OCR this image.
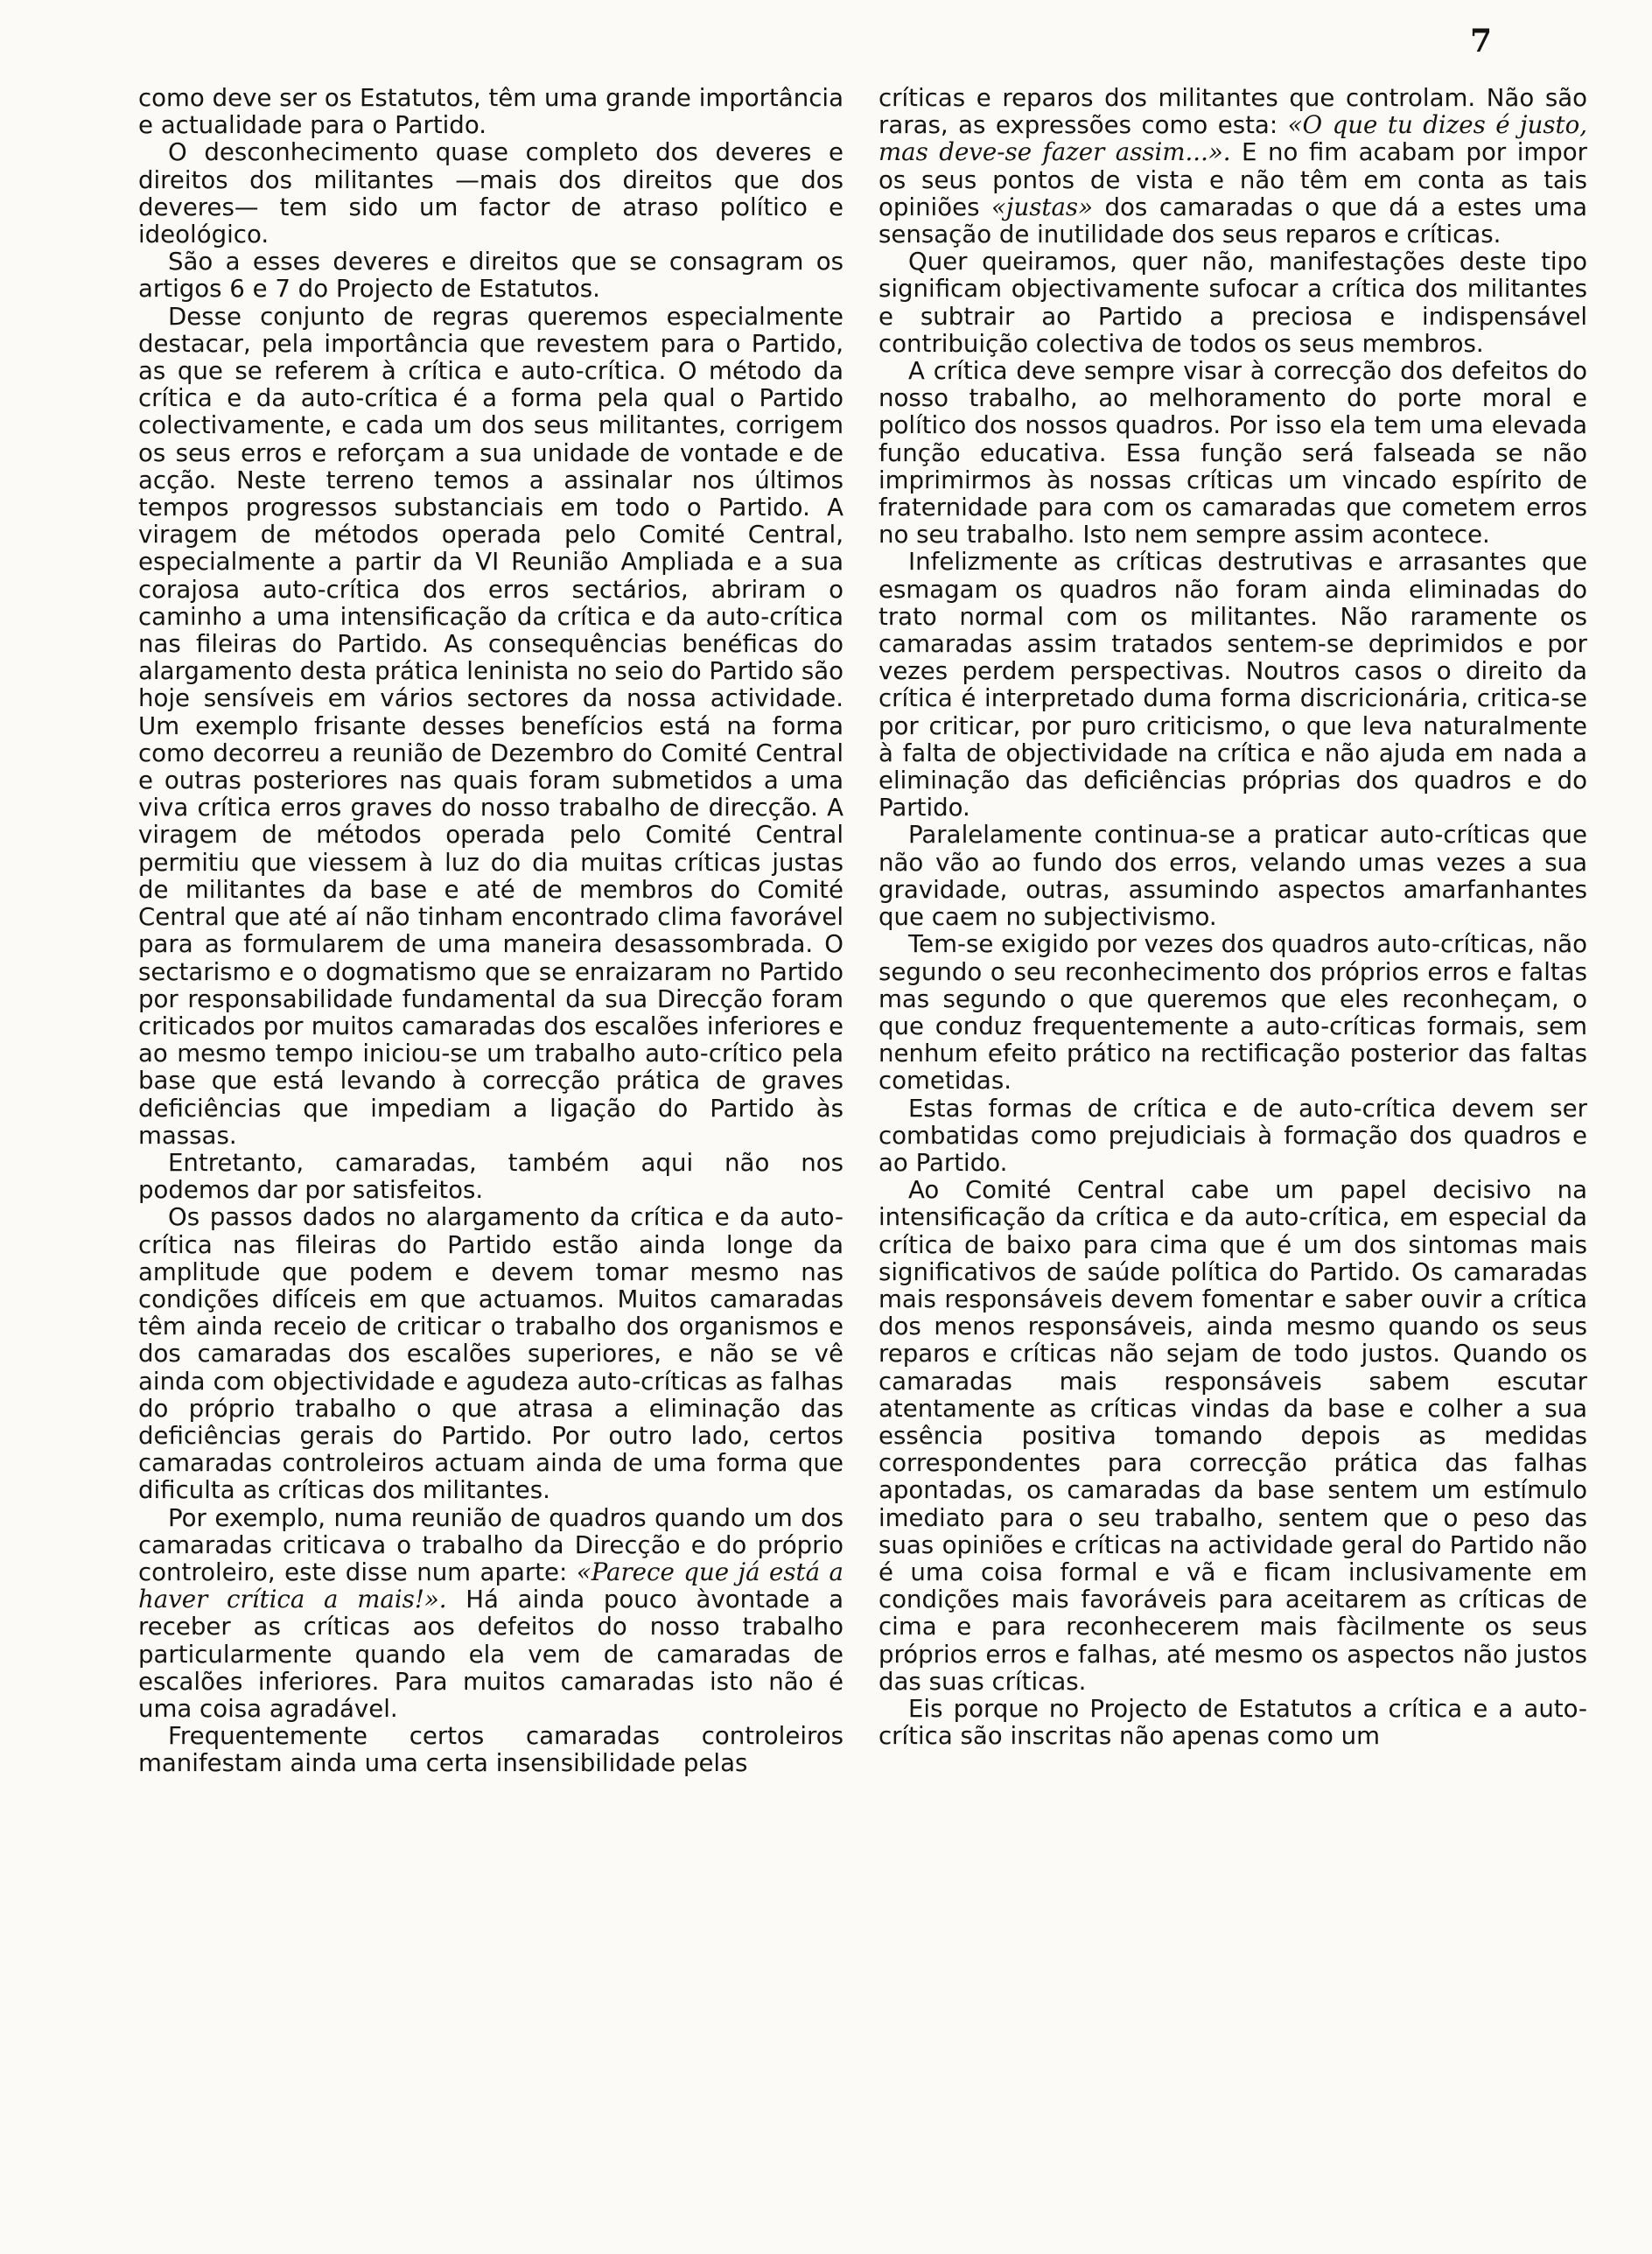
7

como deve ser os Estatutos, têm uma grande importância e actualidade para o Partido.

O desconhecimento quase completo dos deveres e direitos dos militantes —mais dos direitos que dos deveres— tem sido um factor de atraso político e ideológico.

São a esses deveres e direitos que se consagram os artigos 6 e 7 do Projecto de Estatutos.

Desse conjunto de regras queremos especialmente destacar, pela importância que revestem para o Partido, as que se referem à crítica e auto-crítica. O método da crítica e da auto-crítica é a forma pela qual o Partido colectivamente, e cada um dos seus militantes, corrigem os seus erros e reforçam a sua unidade de vontade e de acção. Neste terreno temos a assinalar nos últimos tempos progressos substanciais em todo o Partido. A viragem de métodos operada pelo Comité Central, especialmente a partir da VI Reunião Ampliada e a sua corajosa auto-crítica dos erros sectários, abriram o caminho a uma intensificação da crítica e da auto-crítica nas fileiras do Partido. As consequências benéficas do alargamento desta prática leninista no seio do Partido são hoje sensíveis em vários sectores da nossa actividade. Um exemplo frisante desses benefícios está na forma como decorreu a reunião de Dezembro do Comité Central e outras posteriores nas quais foram submetidos a uma viva crítica erros graves do nosso trabalho de direcção. A viragem de métodos operada pelo Comité Central permitiu que viessem à luz do dia muitas críticas justas de militantes da base e até de membros do Comité Central que até aí não tinham encontrado clima favorável para as formularem de uma maneira desassombrada. O sectarismo e o dogmatismo que se enraizaram no Partido por responsabilidade fundamental da sua Direcção foram criticados por muitos camaradas dos escalões inferiores e ao mesmo tempo iniciou-se um trabalho auto-crítico pela base que está levando à correcção prática de graves deficiências que impediam a ligação do Partido às massas.

Entretanto, camaradas, também aqui não nos podemos dar por satisfeitos.

Os passos dados no alargamento da crítica e da auto-crítica nas fileiras do Partido estão ainda longe da amplitude que podem e devem tomar mesmo nas condições difíceis em que actuamos. Muitos camaradas têm ainda receio de criticar o trabalho dos organismos e dos camaradas dos escalões superiores, e não se vê ainda com objectividade e agudeza auto-críticas as falhas do próprio trabalho o que atrasa a eliminação das deficiências gerais do Partido. Por outro lado, certos camaradas controleiros actuam ainda de uma forma que dificulta as críticas dos militantes.

Por exemplo, numa reunião de quadros quando um dos camaradas criticava o trabalho da Direcção e do próprio controleiro, este disse num aparte: «Parece que já está a haver crítica a mais!». Há ainda pouco àvontade a receber as críticas aos defeitos do nosso trabalho particularmente quando ela vem de camaradas de escalões inferiores. Para muitos camaradas isto não é uma coisa agradável.

Frequentemente certos camaradas controleiros manifestam ainda uma certa insensibilidade pelas

críticas e reparos dos militantes que controlam. Não são raras, as expressões como esta: «O que tu dizes é justo, mas deve-se fazer assim...». E no fim acabam por impor os seus pontos de vista e não têm em conta as tais opiniões «justas» dos camaradas o que dá a estes uma sensação de inutilidade dos seus reparos e críticas.

Quer queiramos, quer não, manifestações deste tipo significam objectivamente sufocar a crítica dos militantes e subtrair ao Partido a preciosa e indispensável contribuição colectiva de todos os seus membros.

A crítica deve sempre visar à correcção dos defeitos do nosso trabalho, ao melhoramento do porte moral e político dos nossos quadros. Por isso ela tem uma elevada função educativa. Essa função será falseada se não imprimirmos às nossas críticas um vincado espírito de fraternidade para com os camaradas que cometem erros no seu trabalho. Isto nem sempre assim acontece.

Infelizmente as críticas destrutivas e arrasantes que esmagam os quadros não foram ainda eliminadas do trato normal com os militantes. Não raramente os camaradas assim tratados sentem-se deprimidos e por vezes perdem perspectivas. Noutros casos o direito da crítica é interpretado duma forma discricionária, critica-se por criticar, por puro criticismo, o que leva naturalmente à falta de objectividade na crítica e não ajuda em nada a eliminação das deficiências próprias dos quadros e do Partido.

Paralelamente continua-se a praticar auto-críticas que não vão ao fundo dos erros, velando umas vezes a sua gravidade, outras, assumindo aspectos amarfanhantes que caem no subjectivismo.

Tem-se exigido por vezes dos quadros auto-críticas, não segundo o seu reconhecimento dos próprios erros e faltas mas segundo o que queremos que eles reconheçam, o que conduz frequentemente a auto-críticas formais, sem nenhum efeito prático na rectificação posterior das faltas cometidas.

Estas formas de crítica e de auto-crítica devem ser combatidas como prejudiciais à formação dos quadros e ao Partido.

Ao Comité Central cabe um papel decisivo na intensificação da crítica e da auto-crítica, em especial da crítica de baixo para cima que é um dos sintomas mais significativos de saúde política do Partido. Os camaradas mais responsáveis devem fomentar e saber ouvir a crítica dos menos responsáveis, ainda mesmo quando os seus reparos e críticas não sejam de todo justos. Quando os camaradas mais responsáveis sabem escutar atentamente as críticas vindas da base e colher a sua essência positiva tomando depois as medidas correspondentes para correcção prática das falhas apontadas, os camaradas da base sentem um estímulo imediato para o seu trabalho, sentem que o peso das suas opiniões e críticas na actividade geral do Partido não é uma coisa formal e vã e ficam inclusivamente em condições mais favoráveis para aceitarem as críticas de cima e para reconhecerem mais fàcilmente os seus próprios erros e falhas, até mesmo os aspectos não justos das suas críticas.

Eis porque no Projecto de Estatutos a crítica e a auto-crítica são inscritas não apenas como um
